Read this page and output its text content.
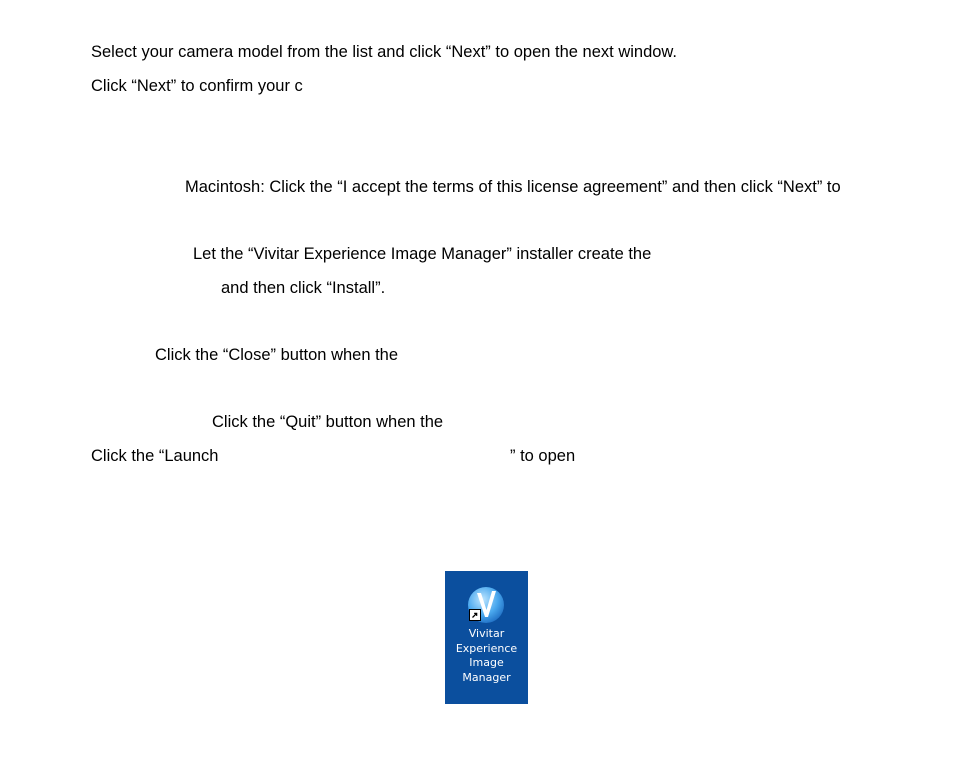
Select your camera model from the list and click “Next” to open the next window.
Click “Next” to confirm your c
Macintosh: Click the “I accept the terms of this license agreement” and then click “Next” to
Let the “Vivitar Experience Image Manager” installer create the
and then click “Install”.
Click the “Close” button when the
Click the “Quit” button when the
Click the “Launch	” to open
Vivitar
Experience
Image
Manager
